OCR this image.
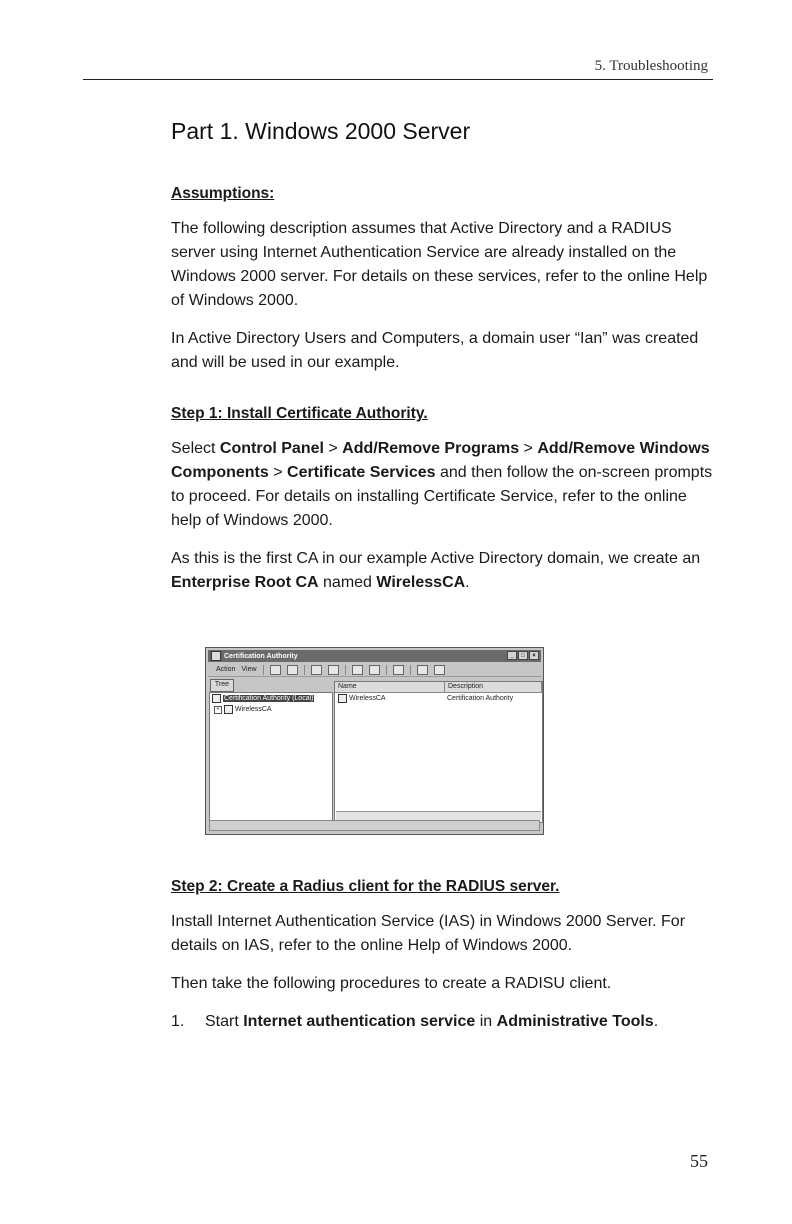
5. Troubleshooting
Part 1. Windows 2000 Server
Assumptions:

The following description assumes that Active Directory and a RADIUS server using Internet Authentication Service are already installed on the Windows 2000 server. For details on these services, refer to the online Help of Windows 2000.

In Active Directory Users and Computers, a domain user “Ian” was created and will be used in our example.

Step 1: Install Certificate Authority.

Select Control Panel > Add/Remove Programs > Add/Remove Windows Components > Certificate Services and then follow the on-screen prompts to proceed. For details on installing Certificate Service, refer to the online help of Windows 2000.

As this is the first CA in our example Active Directory domain, we create an Enterprise Root CA named WirelessCA.

Certification Authority	_	□	×
Action View
Tree
Certification Authority (Local)
+	WirelessCA
Name	Description
WirelessCA	Certification Authority
Step 2: Create a Radius client for the RADIUS server.

Install Internet Authentication Service (IAS) in Windows 2000 Server. For details on IAS, refer to the online Help of Windows 2000.

Then take the following procedures to create a RADISU client.

1.	Start Internet authentication service in Administrative Tools.
55
